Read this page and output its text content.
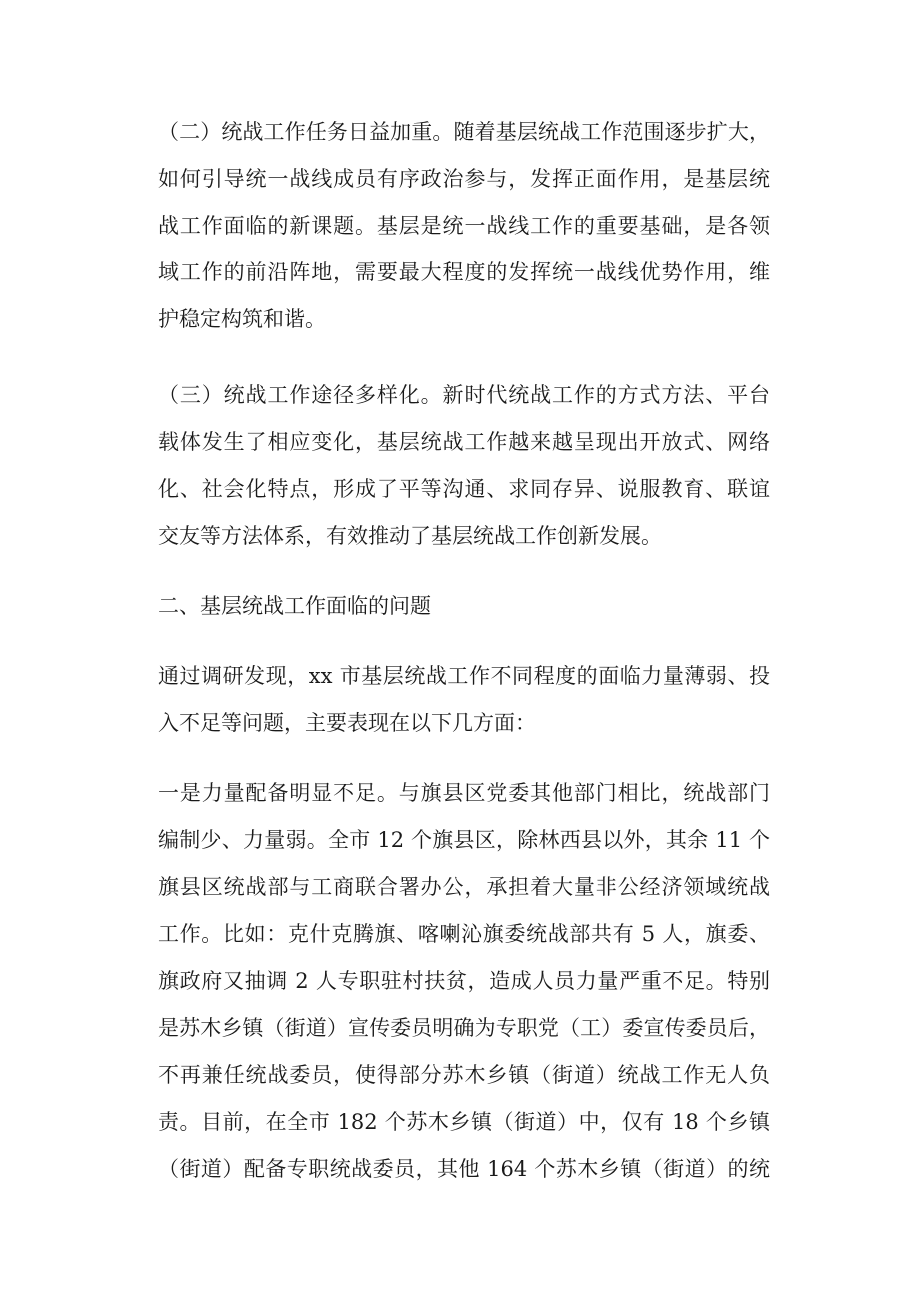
（二）统战工作任务日益加重。随着基层统战工作范围逐步扩大，
如何引导统一战线成员有序政治参与，发挥正面作用，是基层统
战工作面临的新课题。基层是统一战线工作的重要基础，是各领
域工作的前沿阵地，需要最大程度的发挥统一战线优势作用，维
护稳定构筑和谐。
（三）统战工作途径多样化。新时代统战工作的方式方法、平台
载体发生了相应变化，基层统战工作越来越呈现出开放式、网络
化、社会化特点，形成了平等沟通、求同存异、说服教育、联谊
交友等方法体系，有效推动了基层统战工作创新发展。
二、基层统战工作面临的问题
通过调研发现，xx 市基层统战工作不同程度的面临力量薄弱、投
入不足等问题，主要表现在以下几方面：
一是力量配备明显不足。与旗县区党委其他部门相比，统战部门
编制少、力量弱。全市 12 个旗县区，除林西县以外，其余 11 个
旗县区统战部与工商联合署办公，承担着大量非公经济领域统战
工作。比如：克什克腾旗、喀喇沁旗委统战部共有 5 人，旗委、
旗政府又抽调 2 人专职驻村扶贫，造成人员力量严重不足。特别
是苏木乡镇（街道）宣传委员明确为专职党（工）委宣传委员后，
不再兼任统战委员，使得部分苏木乡镇（街道）统战工作无人负
责。目前，在全市 182 个苏木乡镇（街道）中，仅有 18 个乡镇
（街道）配备专职统战委员，其他 164 个苏木乡镇（街道）的统
